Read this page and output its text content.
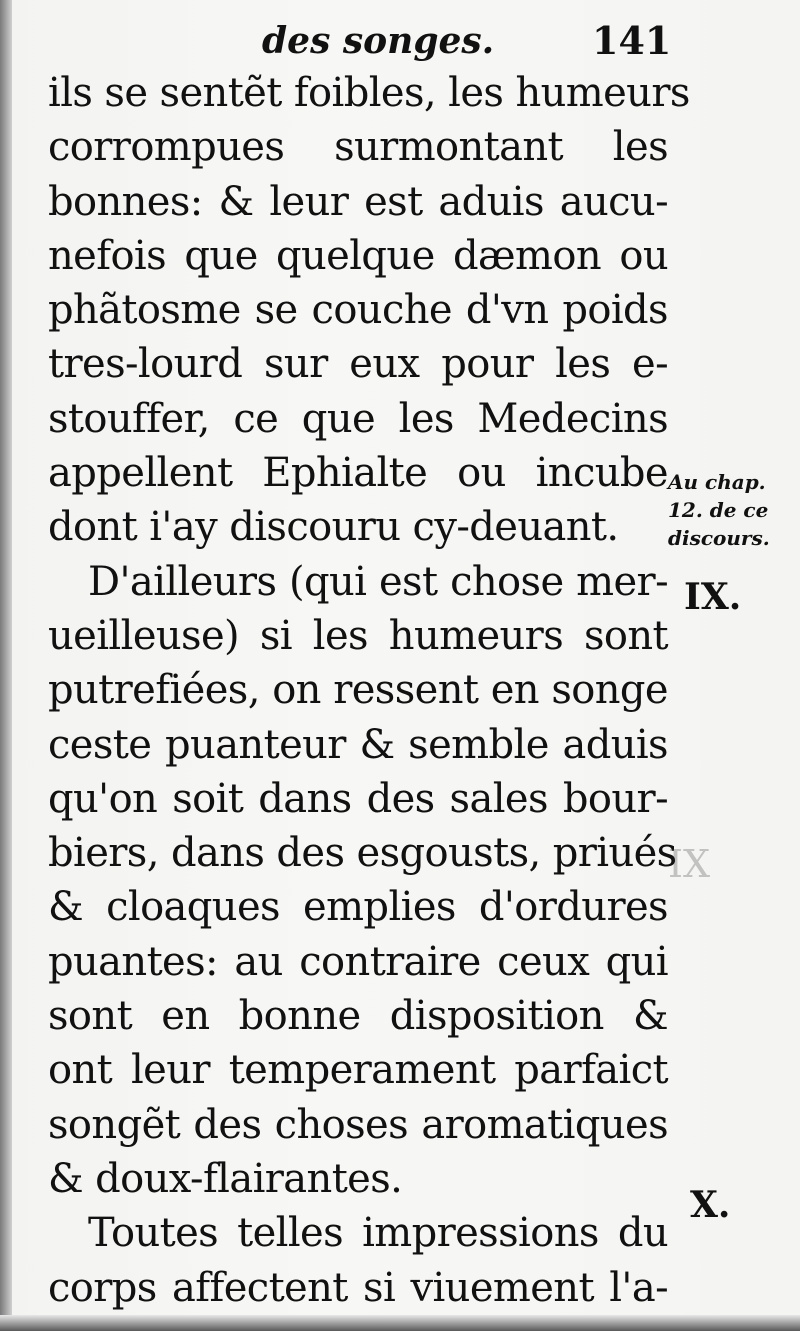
des songes.	141
ils se sentẽt foibles, les humeurs
corrompues surmontant les
bonnes: & leur est aduis aucu-
nefois que quelque dæmon ou
phãtosme se couche d'vn poids
tres-lourd sur eux pour les e-
stouffer, ce que les Medecins
appellent Ephialte ou incube
dont i'ay discouru cy-deuant.
D'ailleurs (qui est chose mer-
ueilleuse) si les humeurs sont
putrefiées, on ressent en songe
ceste puanteur & semble aduis
qu'on soit dans des sales bour-
biers, dans des esgousts, priués
& cloaques emplies d'ordures
puantes: au contraire ceux qui
sont en bonne disposition &
ont leur temperament parfaict
songẽt des choses aromatiques
& doux-flairantes.
Toutes telles impressions du
corps affectent si viuement l'a-
Au chap.
12. de ce
discours.
IX.
IX
X.
